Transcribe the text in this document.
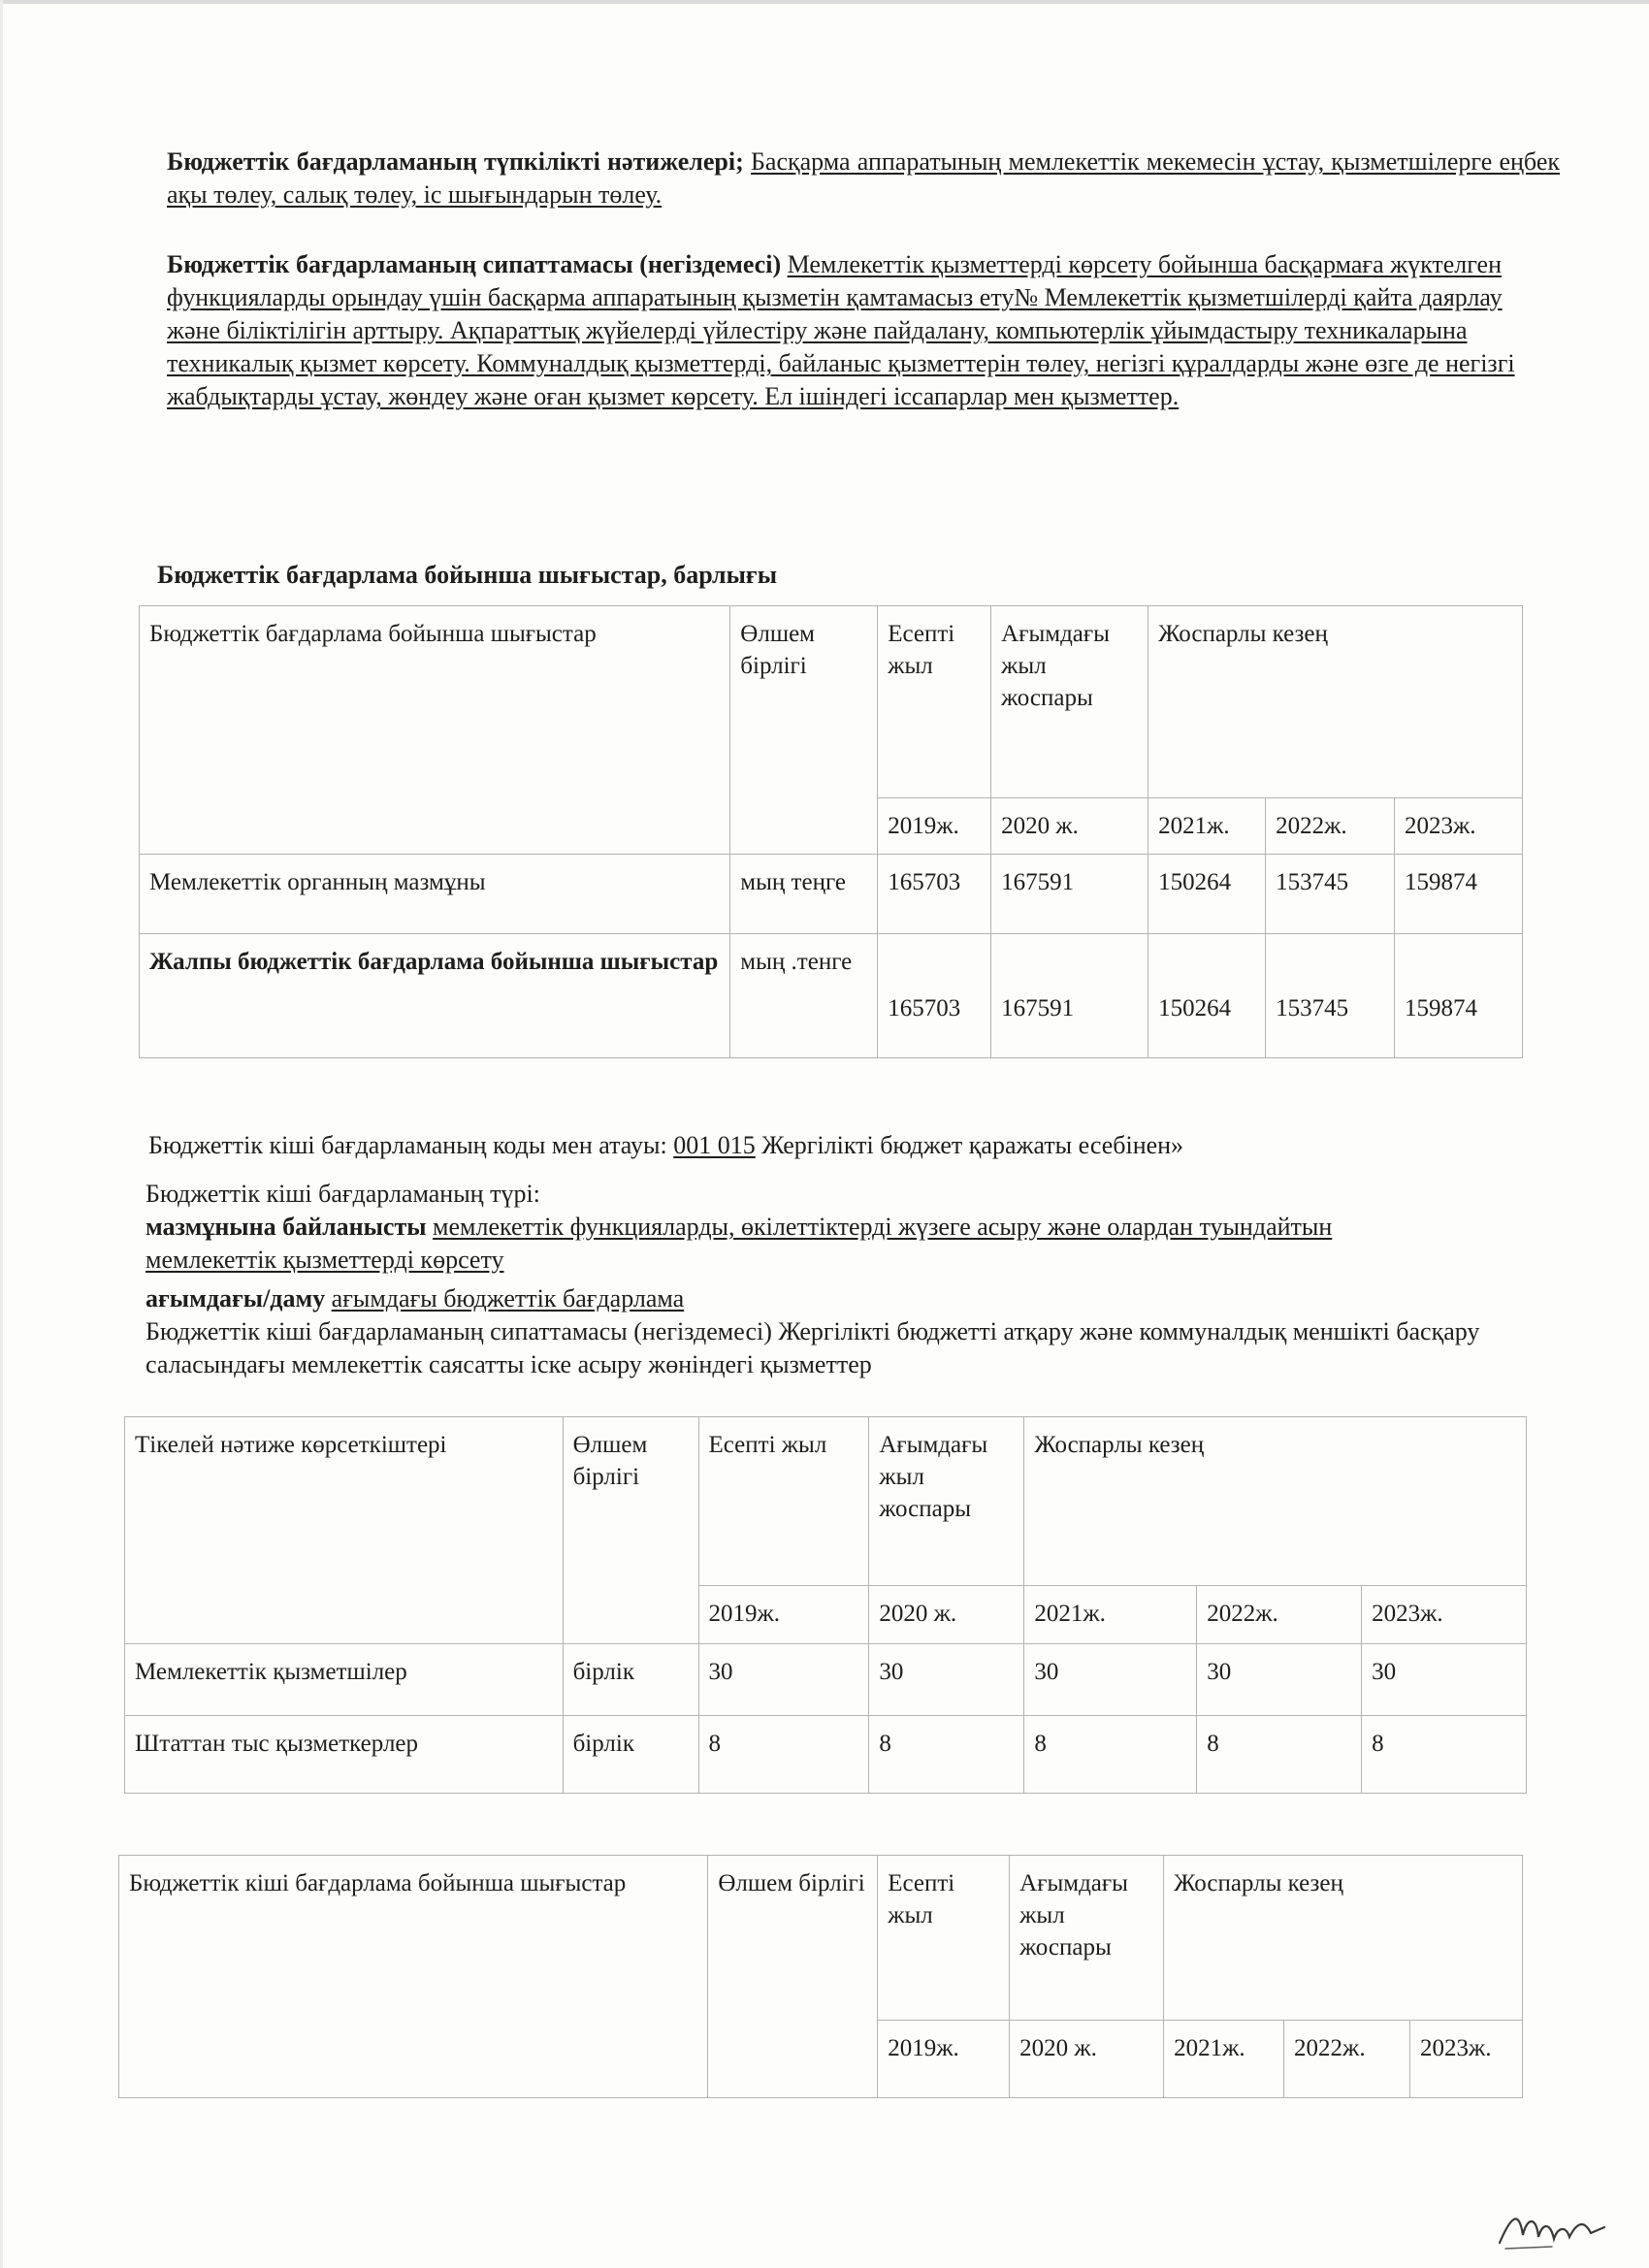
Бюджеттік бағдарламаның түпкілікті нәтижелері; Басқарма аппаратының мемлекеттік мекемесін ұстау, қызметшілерге еңбек ақы төлеу, салық төлеу, іс шығындарын төлеу.
Бюджеттік бағдарламаның сипаттамасы (негіздемесі) Мемлекеттік қызметтерді көрсету бойынша басқармаға жүктелген функцияларды орындау үшін басқарма аппаратының қызметін қамтамасыз ету№ Мемлекеттік қызметшілерді қайта даярлау және біліктілігін арттыру. Ақпараттық жүйелерді үйлестіру және пайдалану, компьютерлік ұйымдастыру техникаларына техникалық қызмет көрсету. Коммуналдық қызметтерді, байланыс қызметтерін төлеу, негізгі құралдарды және өзге де негізгі жабдықтарды ұстау, жөндеу және оған қызмет көрсету. Ел ішіндегі іссапарлар мен қызметтер.
Бюджеттік бағдарлама бойынша шығыстар, барлығы
Бюджеттік бағдарлама бойынша шығыстар	Өлшем бірлігі	Есепті жыл	Ағымдағы жыл жоспары	Жоспарлы кезең		
		2019ж.	2020 ж.	2021ж.	2022ж.	2023ж.
Мемлекеттік органның мазмұны	мың теңге	165703	167591	150264	153745	159874
Жалпы бюджеттік бағдарлама бойынша шығыстар	мың .тенге	165703	167591	150264	153745	159874
Бюджеттік кіші бағдарламаның коды мен атауы: 001 015 Жергілікті бюджет қаражаты есебінен»
Бюджеттік кіші бағдарламаның түрі:
мазмұнына байланысты мемлекеттік функцияларды, өкілеттіктерді жүзеге асыру және олардан туындайтын мемлекеттік қызметтерді көрсету
ағымдағы/даму ағымдағы бюджеттік бағдарлама
Бюджеттік кіші бағдарламаның сипаттамасы (негіздемесі) Жергілікті бюджетті атқару және коммуналдық меншікті басқару саласындағы мемлекеттік саясатты іске асыру жөніндегі қызметтер
Тікелей нәтиже көрсеткіштері	Өлшем бірлігі	Есепті жыл	Ағымдағы жыл жоспары	Жоспарлы кезең		
		2019ж.	2020 ж.	2021ж.	2022ж.	2023ж.
Мемлекеттік қызметшілер	бірлік	30	30	30	30	30
Штаттан тыс қызметкерлер	бірлік	8	8	8	8	8
Бюджеттік кіші бағдарлама бойынша шығыстар	Өлшем бірлігі	Есепті жыл	Ағымдағы жыл жоспары	Жоспарлы кезең		
		2019ж.	2020 ж.	2021ж.	2022ж.	2023ж.
